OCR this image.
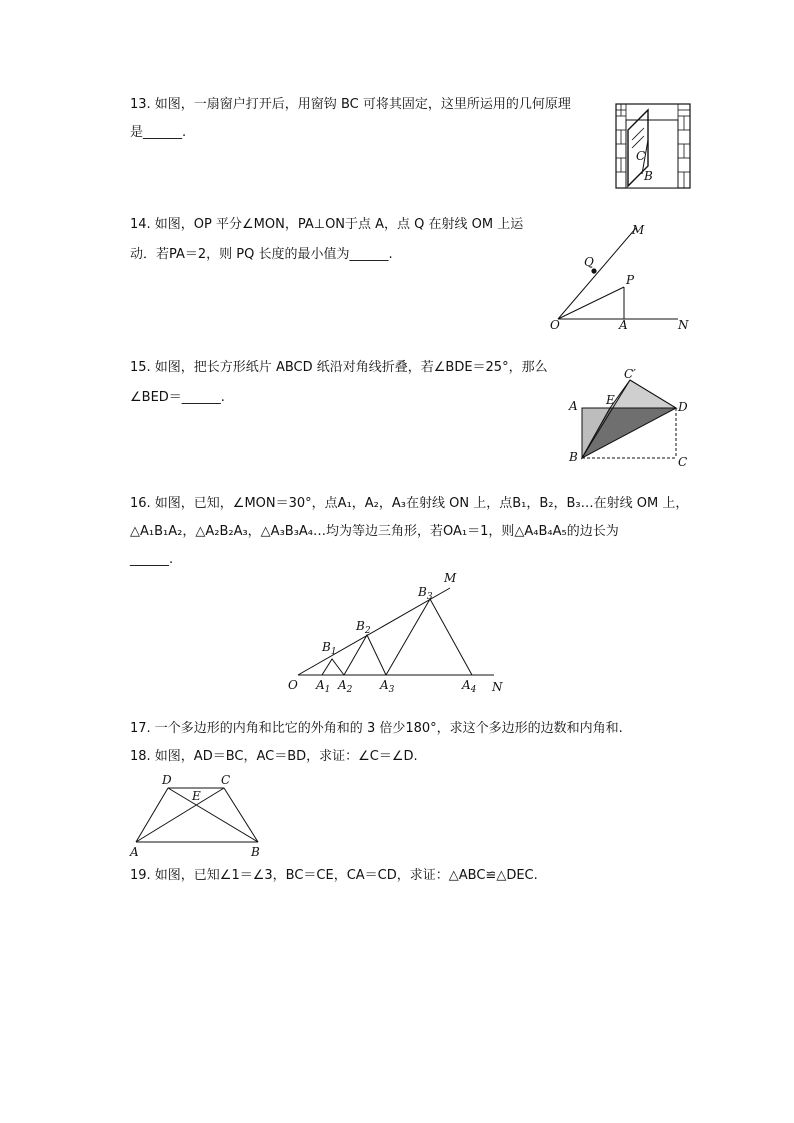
13. 如图，一扇窗户打开后，用窗钩 BC 可将其固定，这里所运用的几何原理
是______.
C
B
14. 如图，OP 平分∠MON，PA⊥ON于点 A，点 Q 在射线 OM 上运
动．若PA＝2，则 PQ 长度的最小值为______.
M
Q
P
O	A	N
15. 如图，把长方形纸片 ABCD 纸沿对角线折叠，若∠BDE＝25°，那么
∠BED＝______.
C′
A E	D
B	C
16. 如图，已知，∠MON＝30°，点A₁，A₂，A₃在射线 ON 上，点B₁，B₂，B₃…在射线 OM 上，
△A₁B₁A₂，△A₂B₂A₃，△A₃B₃A₄…均为等边三角形，若OA₁＝1，则△A₄B₄A₅的边长为
______.
O	N
M
$A_1$ $A_2$ $A_3$	$A_4$
$B_1$
$B_2$
$B_3$
17. 一个多边形的内角和比它的外角和的 3 倍少180°，求这个多边形的边数和内角和.
18. 如图，AD＝BC，AC＝BD，求证：∠C＝∠D.
D	C
E
A	B
19. 如图，已知∠1＝∠3，BC＝CE，CA＝CD，求证：△ABC≌△DEC.
